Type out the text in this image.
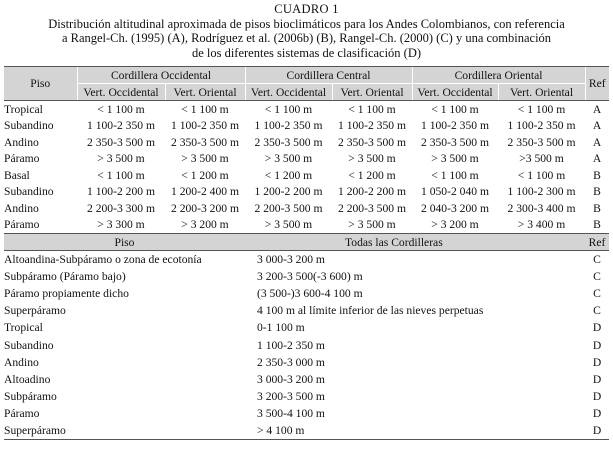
CUADRO 1
Distribución altitudinal aproximada de pisos bioclimáticos para los Andes Colombianos, con referencia
a Rangel-Ch. (1995) (A), Rodríguez et al. (2006b) (B), Rangel-Ch. (2000) (C) y una combinación
de los diferentes sistemas de clasificación (D)
Piso	Cordillera Occidental		Cordillera Central		Cordillera Oriental		Ref
	Vert. Occidental	Vert. Oriental	Vert. Occidental	Vert. Oriental	Vert. Occidental	Vert. Oriental	
Tropical	< 1 100 m	< 1 100 m	< 1 100 m	< 1 100 m	< 1 100 m	< 1 100 m	A
Subandino	1 100-2 350 m	1 100-2 350 m	1 100-2 350 m	1 100-2 350 m	1 100-2 350 m	1 100-2 350 m	A
Andino	2 350-3 500 m	2 350-3 500 m	2 350-3 500 m	2 350-3 500 m	2 350-3 500 m	2 350-3 500 m	A
Páramo	> 3 500 m	> 3 500 m	> 3 500 m	> 3 500 m	> 3 500 m	>3 500 m	A
Basal	< 1 100 m	< 1 200 m	< 1 200 m	< 1 200 m	< 1 100 m	< 1 100 m	B
Subandino	1 100-2 200 m	1 200-2 400 m	1 200-2 200 m	1 200-2 200 m	1 050-2 040 m	1 100-2 300 m	B
Andino	2 200-3 300 m	2 200-3 200 m	2 200-3 500 m	2 200-3 500 m	2 040-3 200 m	2 300-3 400 m	B
Páramo	> 3 300 m	> 3 200 m	> 3 500 m	> 3 500 m	> 3 200 m	> 3 400 m	B
Piso			Todas las Cordilleras				Ref
Altoandina-Subpáramo o zona de ecotonía			3 000-3 200 m				C
Subpáramo (Páramo bajo)			3 200-3 500(-3 600) m				C
Páramo propiamente dicho			(3 500-)3 600-4 100 m				C
Superpáramo			4 100 m al límite inferior de las nieves perpetuas				C
Tropical			0-1 100 m				D
Subandino			1 100-2 350 m				D
Andino			2 350-3 000 m				D
Altoadino			3 000-3 200 m				D
Subpáramo			3 200-3 500 m				D
Páramo			3 500-4 100 m				D
Superpáramo			> 4 100 m				D
